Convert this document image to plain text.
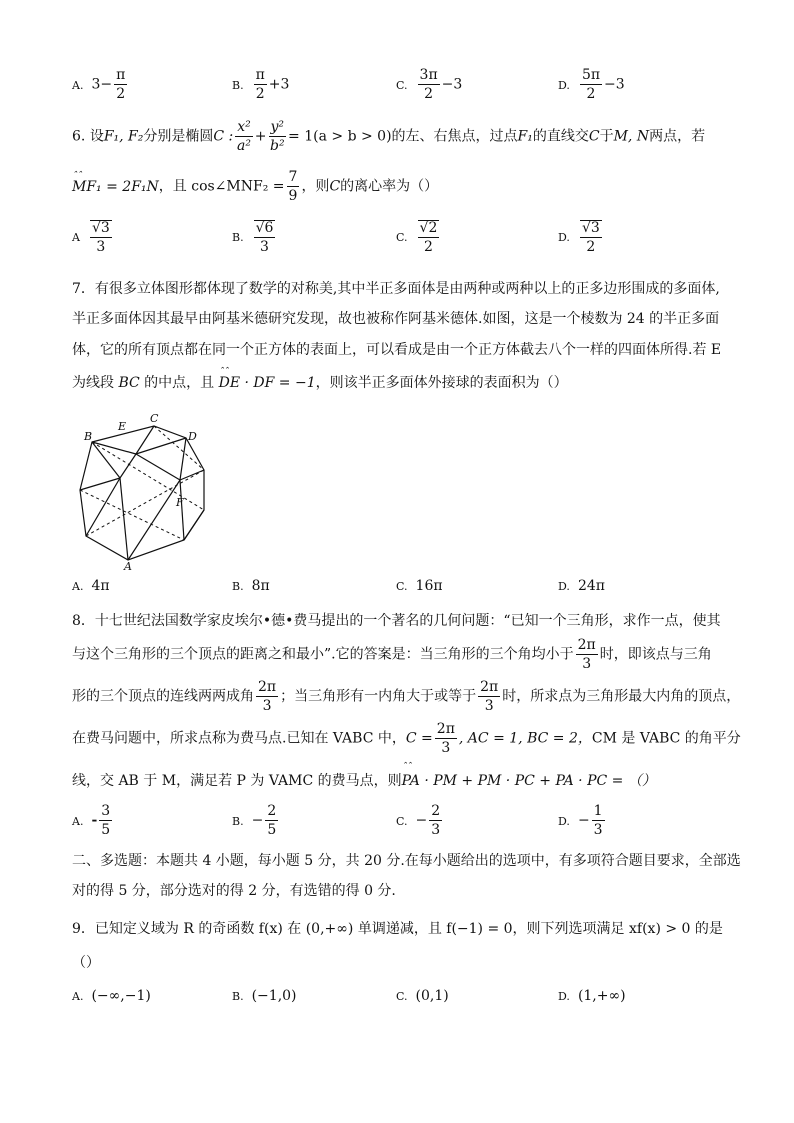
A. $3- \frac{\pi}{2}$	B. $\frac{\pi}{2} +3$	C. $\frac{3\pi}{2} -3$	D. $\frac{5\pi}{2} -3$
6. 设F₁, F₂分别是椭圆C : $\frac{\text{x²}}{\text{a²}} + \frac{\text{y²}}{\text{b²}} = 1(a > b > 0)$的左、右焦点，过点F₁的直线交C于M, N两点，若
⌃⌃ MF₁ = 2F₁N，且 cos∠MNF₂ = $\frac{7}{9}$ ，则C的离心率为（）
A $\frac{√3}{3}$	B. $\frac{√6}{3}$	C. $\frac{√2}{2}$	D. $\frac{√3}{2}$
7．有很多立体图形都体现了数学的对称美,其中半正多面体是由两种或两种以上的正多边形围成的多面体,
半正多面体因其最早由阿基米德研究发现，故也被称作阿基米德体.如图，这是一个棱数为 24 的半正多面
体，它的所有顶点都在同一个正方体的表面上，可以看成是由一个正方体截去八个一样的四面体所得.若 E
为线段 BC 的中点，且 ⌃⌃ DE · DF = −1，则该半正多面体外接球的表面积为（）
B
E
C
D
F
A
A. 4π	B. 8π	C. 16π	D. 24π
8．十七世纪法国数学家皮埃尔•德•费马提出的一个著名的几何问题：“已知一个三角形，求作一点，使其
与这个三角形的三个顶点的距离之和最小”.它的答案是：当三角形的三个角均小于 $\frac{2\pi}{3}$ 时，即该点与三角
形的三个顶点的连线两两成角 $\frac{2\pi}{3}$ ；当三角形有一内角大于或等于 $\frac{2\pi}{3}$ 时，所求点为三角形最大内角的顶点，
在费马问题中，所求点称为费马点.已知在 VABC 中，$C = \frac{2\pi}{3}$ , AC = 1, BC = 2，CM 是 VABC 的角平分
线，交 AB 于 M，满足若 P 为 VAMC 的费马点，则⌃⌃ PA · PM + PM · PC + PA · PC = （）
A. - $\frac{3}{5}$	B. − $\frac{2}{5}$	C. − $\frac{2}{3}$	D. − $\frac{1}{3}$
二、多选题：本题共 4 小题，每小题 5 分，共 20 分.在每小题给出的选项中，有多项符合题目要求，全部选
对的得 5 分，部分选对的得 2 分，有选错的得 0 分.
9．已知定义域为 R 的奇函数 f(x) 在 (0,+∞) 单调递减，且 f(−1) = 0，则下列选项满足 xf(x) > 0 的是
（）
A. (−∞,−1)	B. (−1,0)	C. (0,1)	D. (1,+∞)
